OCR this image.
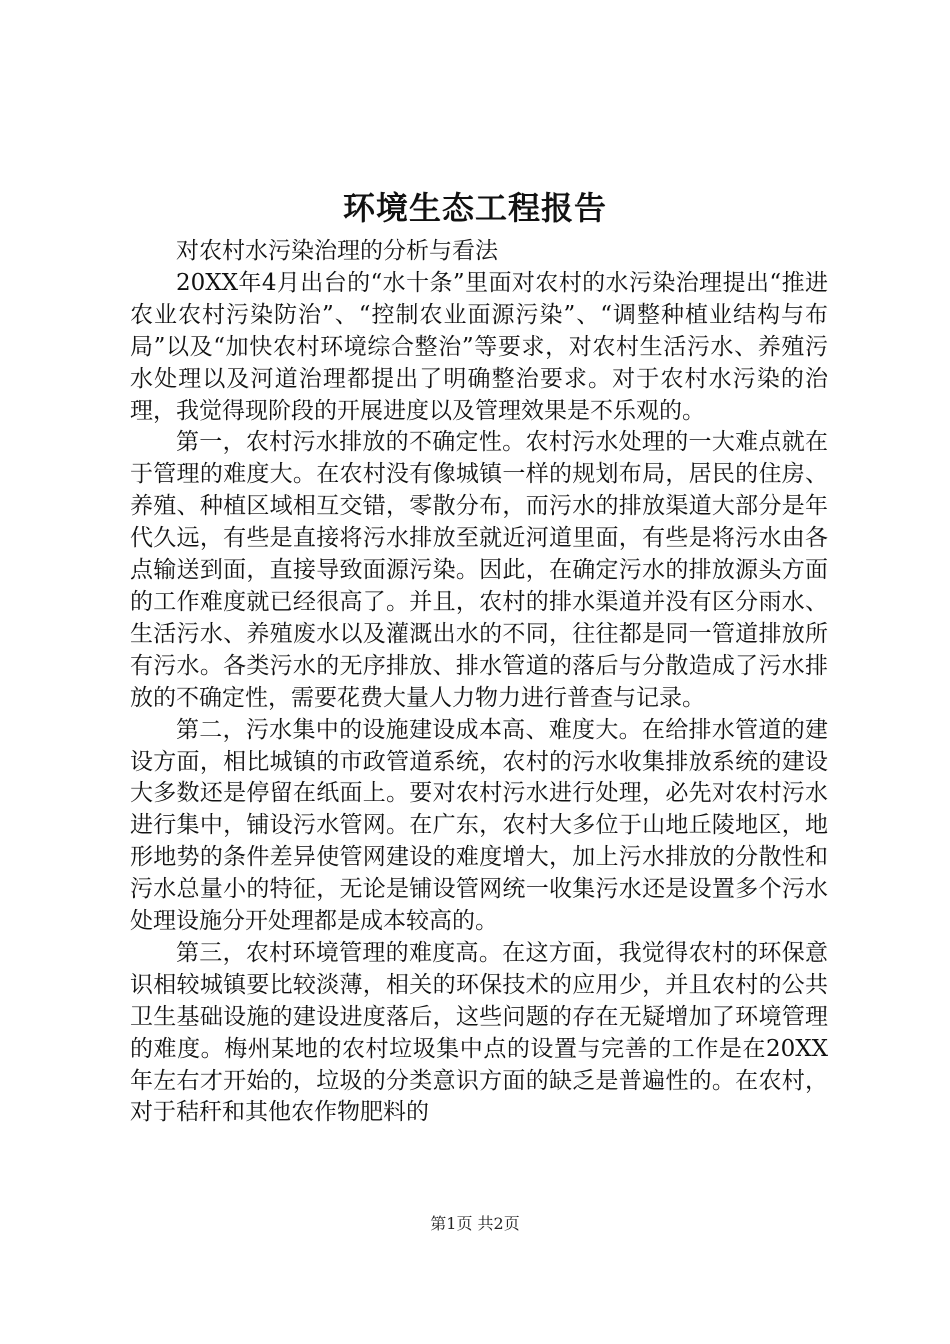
环境生态工程报告

对农村水污染治理的分析与看法

20XX年4月出台的“水十条”里面对农村的水污染治理提出“推进农业农村污染防治”、“控制农业面源污染”、“调整种植业结构与布局”以及“加快农村环境综合整治”等要求，对农村生活污水、养殖污水处理以及河道治理都提出了明确整治要求。对于农村水污染的治理，我觉得现阶段的开展进度以及管理效果是不乐观的。

第一，农村污水排放的不确定性。农村污水处理的一大难点就在于管理的难度大。在农村没有像城镇一样的规划布局，居民的住房、养殖、种植区域相互交错，零散分布，而污水的排放渠道大部分是年代久远，有些是直接将污水排放至就近河道里面，有些是将污水由各点输送到面，直接导致面源污染。因此，在确定污水的排放源头方面的工作难度就已经很高了。并且，农村的排水渠道并没有区分雨水、生活污水、养殖废水以及灌溉出水的不同，往往都是同一管道排放所有污水。各类污水的无序排放、排水管道的落后与分散造成了污水排放的不确定性，需要花费大量人力物力进行普查与记录。

第二，污水集中的设施建设成本高、难度大。在给排水管道的建设方面，相比城镇的市政管道系统，农村的污水收集排放系统的建设大多数还是停留在纸面上。要对农村污水进行处理，必先对农村污水进行集中，铺设污水管网。在广东，农村大多位于山地丘陵地区，地形地势的条件差异使管网建设的难度增大，加上污水排放的分散性和污水总量小的特征，无论是铺设管网统一收集污水还是设置多个污水处理设施分开处理都是成本较高的。

第三，农村环境管理的难度高。在这方面，我觉得农村的环保意识相较城镇要比较淡薄，相关的环保技术的应用少，并且农村的公共卫生基础设施的建设进度落后，这些问题的存在无疑增加了环境管理的难度。梅州某地的农村垃圾集中点的设置与完善的工作是在20XX年左右才开始的，垃圾的分类意识方面的缺乏是普遍性的。在农村，对于秸秆和其他农作物肥料的

第1页 共2页
